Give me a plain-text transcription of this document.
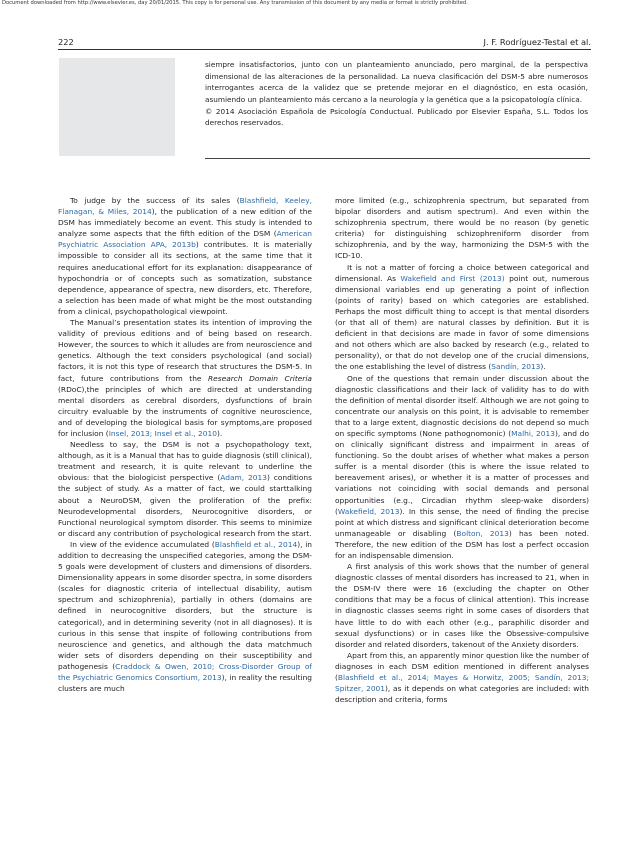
Document downloaded from http://www.elsevier.es, day 20/01/2015. This copy is for personal use. Any transmission of this document by any media or format is strictly prohibited.
222	J. F. Rodríguez-Testal et al.

siempre insatisfactorios, junto con un planteamiento anunciado, pero marginal, de la perspectiva dimensional de las alteraciones de la personalidad. La nueva clasificación del DSM-5 abre numerosos interrogantes acerca de la validez que se pretende mejorar en el diagnóstico, en esta ocasión, asumiendo un planteamiento más cercano a la neurología y la genética que a la psicopatología clínica.

© 2014 Asociación Española de Psicología Conductual. Publicado por Elsevier España, S.L. Todos los derechos reservados.

To judge by the success of its sales (Blashfield, Keeley, Flanagan, & Miles, 2014), the publication of a new edition of the DSM has immediately become an event. This study is intended to analyze some aspects that the fifth edition of the DSM (American Psychiatric Association APA, 2013b) contributes. It is materially impossible to consider all its sections, at the same time that it requires aneducational effort for its explanation: disappearance of hypochondria or of concepts such as somatization, substance dependence, appearance of spectra, new disorders, etc. Therefore, a selection has been made of what might be the most outstanding from a clinical, psychopathological viewpoint.

The Manual’s presentation states its intention of improving the validity of previous editions and of being based on research. However, the sources to which it alludes are from neuroscience and genetics. Although the text considers psychological (and social) factors, it is not this type of research that structures the DSM-5. In fact, future contributions from the Research Domain Criteria (RDoC),the principles of which are directed at understanding mental disorders as cerebral disorders, dysfunctions of brain circuitry evaluable by the instruments of cognitive neuroscience, and of developing the biological basis for symptoms,are proposed for inclusion (Insel, 2013; Insel et al., 2010).

Needless to say, the DSM is not a psychopathology text, although, as it is a Manual that has to guide diagnosis (still clinical), treatment and research, it is quite relevant to underline the obvious: that the biologicist perspective (Adam, 2013) conditions the subject of study. As a matter of fact, we could starttalking about a NeuroDSM, given the proliferation of the prefix: Neurodevelopmental disorders, Neurocognitive disorders, or Functional neurological symptom disorder. This seems to minimize or discard any contribution of psychological research from the start.

In view of the evidence accumulated (Blashfield et al., 2014), in addition to decreasing the unspecified categories, among the DSM-5 goals were development of clusters and dimensions of disorders. Dimensionality appears in some disorder spectra, in some disorders (scales for diagnostic criteria of intellectual disability, autism spectrum and schizophrenia), partially in others (domains are defined in neurocognitive disorders, but the structure is categorical), and in determining severity (not in all diagnoses). It is curious in this sense that inspite of following contributions from neuroscience and genetics, and although the data matchmuch wider sets of disorders depending on their susceptibility and pathogenesis (Craddock & Owen, 2010; Cross-Disorder Group of the Psychiatric Genomics Consortium, 2013), in reality the resulting clusters are much

more limited (e.g., schizophrenia spectrum, but separated from bipolar disorders and autism spectrum). And even within the schizophrenia spectrum, there would be no reason (by genetic criteria) for distinguishing schizophreniform disorder from schizophrenia, and by the way, harmonizing the DSM-5 with the ICD-10.

It is not a matter of forcing a choice between categorical and dimensional. As Wakefield and First (2013) point out, numerous dimensional variables end up generating a point of inflection (points of rarity) based on which categories are established. Perhaps the most difficult thing to accept is that mental disorders (or that all of them) are natural classes by definition. But it is deficient in that decisions are made in favor of some dimensions and not others which are also backed by research (e.g., related to personality), or that do not develop one of the crucial dimensions, the one establishing the level of distress (Sandín, 2013).

One of the questions that remain under discussion about the diagnostic classifications and their lack of validity has to do with the definition of mental disorder itself. Although we are not going to concentrate our analysis on this point, it is advisable to remember that to a large extent, diagnostic decisions do not depend so much on specific symptoms (None pathognomonic) (Malhi, 2013), and do on clinically significant distress and impairment in areas of functioning. So the doubt arises of whether what makes a person suffer is a mental disorder (this is where the issue related to bereavement arises), or whether it is a matter of processes and variations not coinciding with social demands and personal opportunities (e.g., Circadian rhythm sleep-wake disorders) (Wakefield, 2013). In this sense, the need of finding the precise point at which distress and significant clinical deterioration become unmanageable or disabling (Bolton, 2013) has been noted. Therefore, the new edition of the DSM has lost a perfect occasion for an indispensable dimension.

A first analysis of this work shows that the number of general diagnostic classes of mental disorders has increased to 21, when in the DSM-IV there were 16 (excluding the chapter on Other conditions that may be a focus of clinical attention). This increase in diagnostic classes seems right in some cases of disorders that have little to do with each other (e.g., paraphilic disorder and sexual dysfunctions) or in cases like the Obsessive-compulsive disorder and related disorders, takenout of the Anxiety disorders.

Apart from this, an apparently minor question like the number of diagnoses in each DSM edition mentioned in different analyses (Blashfield et al., 2014; Mayes & Horwitz, 2005; Sandín, 2013; Spitzer, 2001), as it depends on what categories are included: with description and criteria, forms
